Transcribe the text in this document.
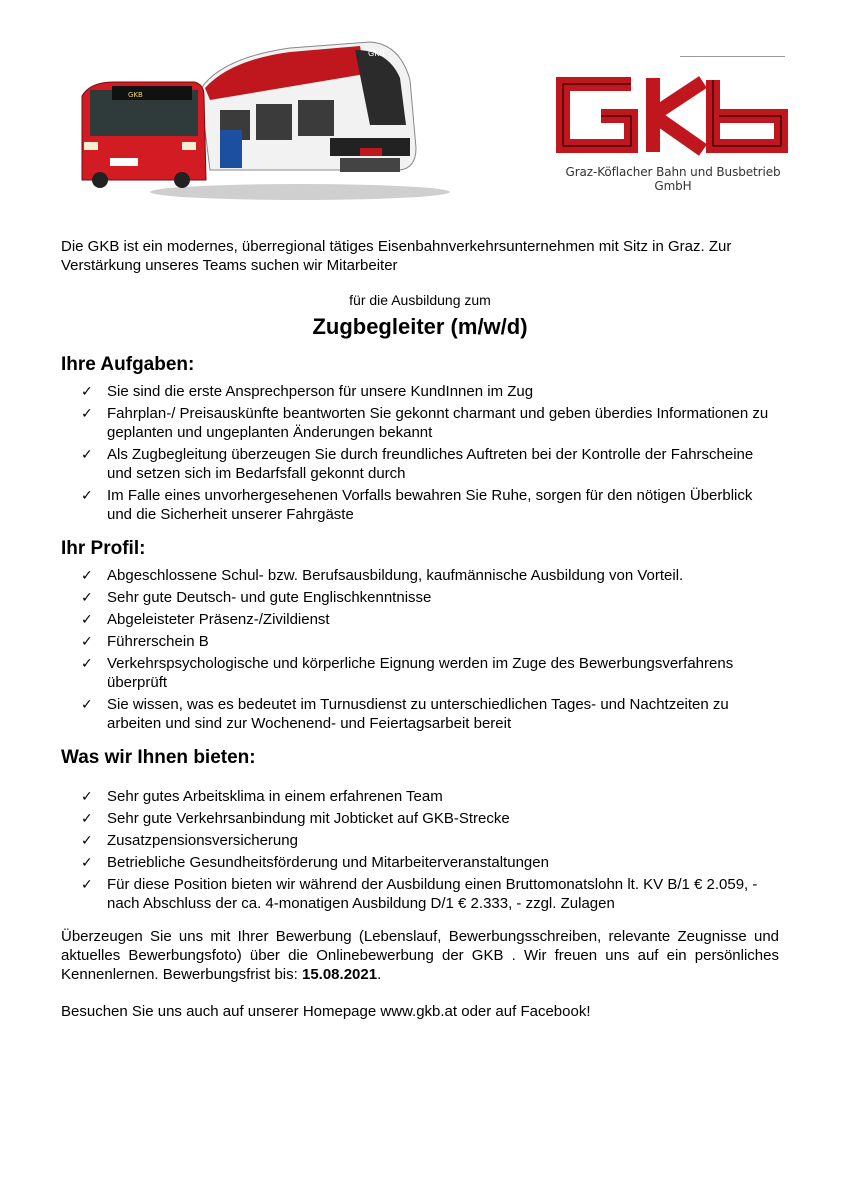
GKB
GKB
Graz-Köflacher Bahn und Busbetrieb GmbH

Die GKB ist ein modernes, überregional tätiges Eisenbahnverkehrsunternehmen mit Sitz in Graz. Zur Verstärkung unseres Teams suchen wir Mitarbeiter

für die Ausbildung zum

Zugbegleiter (m/w/d)

Ihre Aufgaben:
✓ Sie sind die erste Ansprechperson für unsere KundInnen im Zug
✓ Fahrplan-/ Preisauskünfte beantworten Sie gekonnt charmant und geben überdies Informationen zu geplanten und ungeplanten Änderungen bekannt
✓ Als Zugbegleitung überzeugen Sie durch freundliches Auftreten bei der Kontrolle der Fahrscheine und setzen sich im Bedarfsfall gekonnt durch
✓ Im Falle eines unvorhergesehenen Vorfalls bewahren Sie Ruhe, sorgen für den nötigen Überblick und die Sicherheit unserer Fahrgäste
Ihr Profil:
✓ Abgeschlossene Schul- bzw. Berufsausbildung, kaufmännische Ausbildung von Vorteil.
✓ Sehr gute Deutsch- und gute Englischkenntnisse
✓ Abgeleisteter Präsenz-/Zivildienst
✓ Führerschein B
✓ Verkehrspsychologische und körperliche Eignung werden im Zuge des Bewerbungsverfahrens überprüft
✓ Sie wissen, was es bedeutet im Turnusdienst zu unterschiedlichen Tages- und Nachtzeiten zu arbeiten und sind zur Wochenend- und Feiertagsarbeit bereit
Was wir Ihnen bieten:
✓ Sehr gutes Arbeitsklima in einem erfahrenen Team
✓ Sehr gute Verkehrsanbindung mit Jobticket auf GKB-Strecke
✓ Zusatzpensionsversicherung
✓ Betriebliche Gesundheitsförderung und Mitarbeiterveranstaltungen
✓ Für diese Position bieten wir während der Ausbildung einen Bruttomonatslohn lt. KV B/1 € 2.059, - nach Abschluss der ca. 4-monatigen Ausbildung D/1 € 2.333, - zzgl. Zulagen

Überzeugen Sie uns mit Ihrer Bewerbung (Lebenslauf, Bewerbungsschreiben, relevante Zeugnisse und aktuelles Bewerbungsfoto) über die Onlinebewerbung der GKB . Wir freuen uns auf ein persönliches Kennenlernen. Bewerbungsfrist bis: 15.08.2021.

Besuchen Sie uns auch auf unserer Homepage www.gkb.at oder auf Facebook!
